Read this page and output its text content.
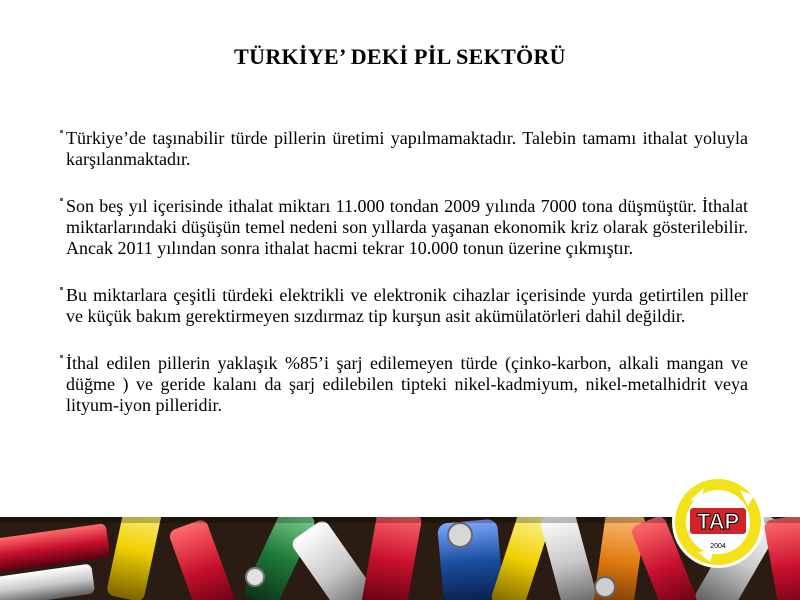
TÜRKİYE’ DEKİ PİL SEKTÖRÜ

Türkiye’de taşınabilir türde pillerin üretimi yapılmamaktadır. Talebin tamamı ithalat yoluyla karşılanmaktadır.

Son beş yıl içerisinde ithalat miktarı 11.000 tondan 2009 yılında 7000 tona düşmüştür. İthalat miktarlarındaki düşüşün temel nedeni son yıllarda yaşanan ekonomik kriz olarak gösterilebilir. Ancak 2011 yılından sonra ithalat hacmi tekrar 10.000 tonun üzerine çıkmıştır.

Bu miktarlara çeşitli türdeki elektrikli ve elektronik cihazlar içerisinde yurda getirtilen piller ve küçük bakım gerektirmeyen sızdırmaz tip kurşun asit akümülatörleri dahil değildir.

İthal edilen pillerin yaklaşık %85’i şarj edilemeyen türde (çinko-karbon, alkali mangan ve düğme ) ve geride kalanı da şarj edilebilen tipteki nikel-kadmiyum, nikel-metalhidrit veya lityum-iyon pilleridir.

TAP
2004
